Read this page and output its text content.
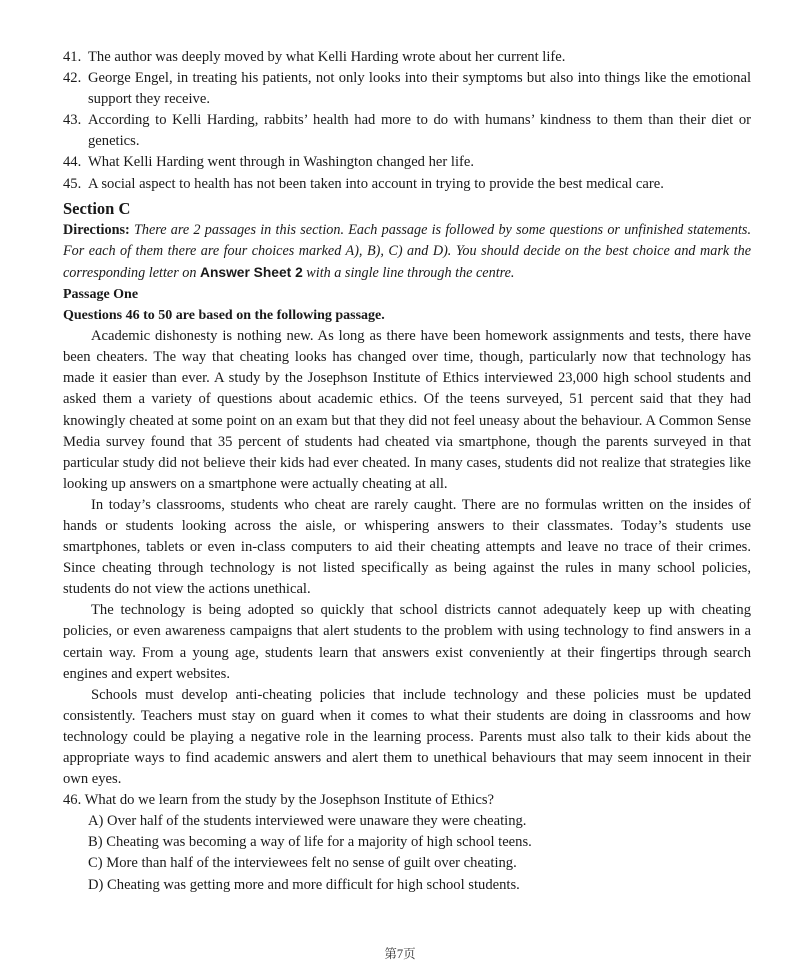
41. The author was deeply moved by what Kelli Harding wrote about her current life.
42. George Engel, in treating his patients, not only looks into their symptoms but also into things like the emotional support they receive.
43. According to Kelli Harding, rabbits’ health had more to do with humans’ kindness to them than their diet or genetics.
44. What Kelli Harding went through in Washington changed her life.
45. A social aspect to health has not been taken into account in trying to provide the best medical care.
Section C
Directions: There are 2 passages in this section. Each passage is followed by some questions or unfinished statements. For each of them there are four choices marked A), B), C) and D). You should decide on the best choice and mark the corresponding letter on Answer Sheet 2 with a single line through the centre.
Passage One
Questions 46 to 50 are based on the following passage.

Academic dishonesty is nothing new. As long as there have been homework assignments and tests, there have been cheaters. The way that cheating looks has changed over time, though, particularly now that technology has made it easier than ever. A study by the Josephson Institute of Ethics interviewed 23,000 high school students and asked them a variety of questions about academic ethics. Of the teens surveyed, 51 percent said that they had knowingly cheated at some point on an exam but that they did not feel uneasy about the behaviour. A Common Sense Media survey found that 35 percent of students had cheated via smartphone, though the parents surveyed in that particular study did not believe their kids had ever cheated. In many cases, students did not realize that strategies like looking up answers on a smartphone were actually cheating at all.

In today’s classrooms, students who cheat are rarely caught. There are no formulas written on the insides of hands or students looking across the aisle, or whispering answers to their classmates. Today’s students use smartphones, tablets or even in-class computers to aid their cheating attempts and leave no trace of their crimes. Since cheating through technology is not listed specifically as being against the rules in many school policies, students do not view the actions unethical.

The technology is being adopted so quickly that school districts cannot adequately keep up with cheating policies, or even awareness campaigns that alert students to the problem with using technology to find answers in a certain way. From a young age, students learn that answers exist conveniently at their fingertips through search engines and expert websites.

Schools must develop anti-cheating policies that include technology and these policies must be updated consistently. Teachers must stay on guard when it comes to what their students are doing in classrooms and how technology could be playing a negative role in the learning process. Parents must also talk to their kids about the appropriate ways to find academic answers and alert them to unethical behaviours that may seem innocent in their own eyes.

46. What do we learn from the study by the Josephson Institute of Ethics?
A) Over half of the students interviewed were unaware they were cheating.
B) Cheating was becoming a way of life for a majority of high school teens.
C) More than half of the interviewees felt no sense of guilt over cheating.
D) Cheating was getting more and more difficult for high school students.
第7页
